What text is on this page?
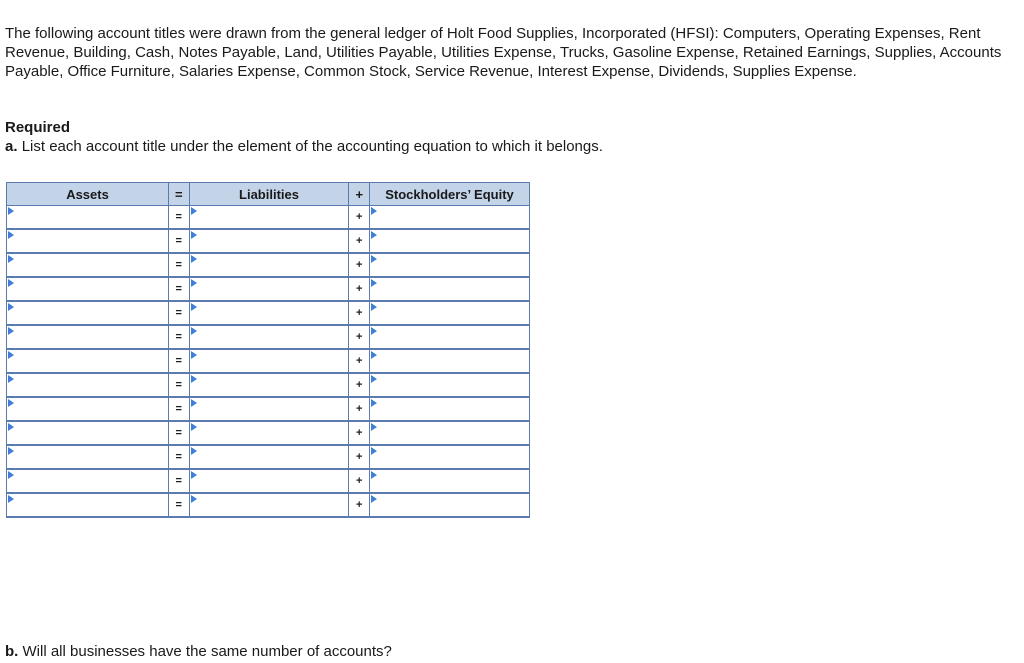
The following account titles were drawn from the general ledger of Holt Food Supplies, Incorporated (HFSI): Computers, Operating Expenses, Rent Revenue, Building, Cash, Notes Payable, Land, Utilities Payable, Utilities Expense, Trucks, Gasoline Expense, Retained Earnings, Supplies, Accounts Payable, Office Furniture, Salaries Expense, Common Stock, Service Revenue, Interest Expense, Dividends, Supplies Expense.

Required

a. List each account title under the element of the accounting equation to which it belongs.

Assets	=	Liabilities	+	Stockholders’ Equity

	=		+	

	=		+	

	=		+	

	=		+	

	=		+	

	=		+	

	=		+	

	=		+	

	=		+	

	=		+	

	=		+	

	=		+	

	=		+	

b. Will all businesses have the same number of accounts?
